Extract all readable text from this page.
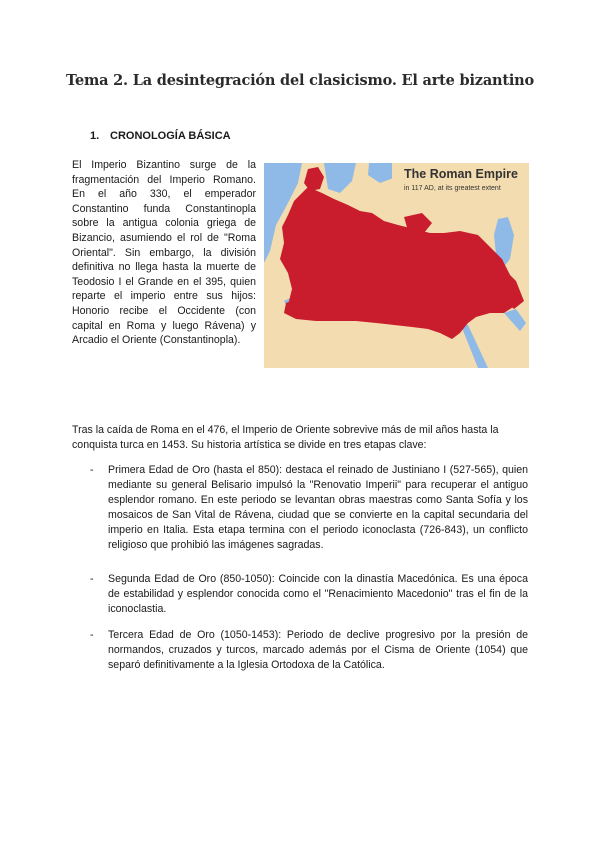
Tema 2. La desintegración del clasicismo. El arte bizantino
1. CRONOLOGÍA BÁSICA
El Imperio Bizantino surge de la fragmentación del Imperio Romano. En el año 330, el emperador Constantino funda Constantinopla sobre la antigua colonia griega de Bizancio, asumiendo el rol de "Roma Oriental". Sin embargo, la división definitiva no llega hasta la muerte de Teodosio I el Grande en el 395, quien reparte el imperio entre sus hijos: Honorio recibe el Occidente (con capital en Roma y luego Rávena) y Arcadio el Oriente (Constantinopla).
The Roman Empire
in 117 AD, at its greatest extent
Tras la caída de Roma en el 476, el Imperio de Oriente sobrevive más de mil años hasta la conquista turca en 1453. Su historia artística se divide en tres etapas clave:
- Primera Edad de Oro (hasta el 850): destaca el reinado de Justiniano I (527-565), quien mediante su general Belisario impulsó la "Renovatio Imperii" para recuperar el antiguo esplendor romano. En este periodo se levantan obras maestras como Santa Sofía y los mosaicos de San Vital de Rávena, ciudad que se convierte en la capital secundaria del imperio en Italia. Esta etapa termina con el periodo iconoclasta (726-843), un conflicto religioso que prohibió las imágenes sagradas.
- Segunda Edad de Oro (850-1050): Coincide con la dinastía Macedónica. Es una época de estabilidad y esplendor conocida como el "Renacimiento Macedonio" tras el fin de la iconoclastia.
- Tercera Edad de Oro (1050-1453): Periodo de declive progresivo por la presión de normandos, cruzados y turcos, marcado además por el Cisma de Oriente (1054) que separó definitivamente a la Iglesia Ortodoxa de la Católica.
